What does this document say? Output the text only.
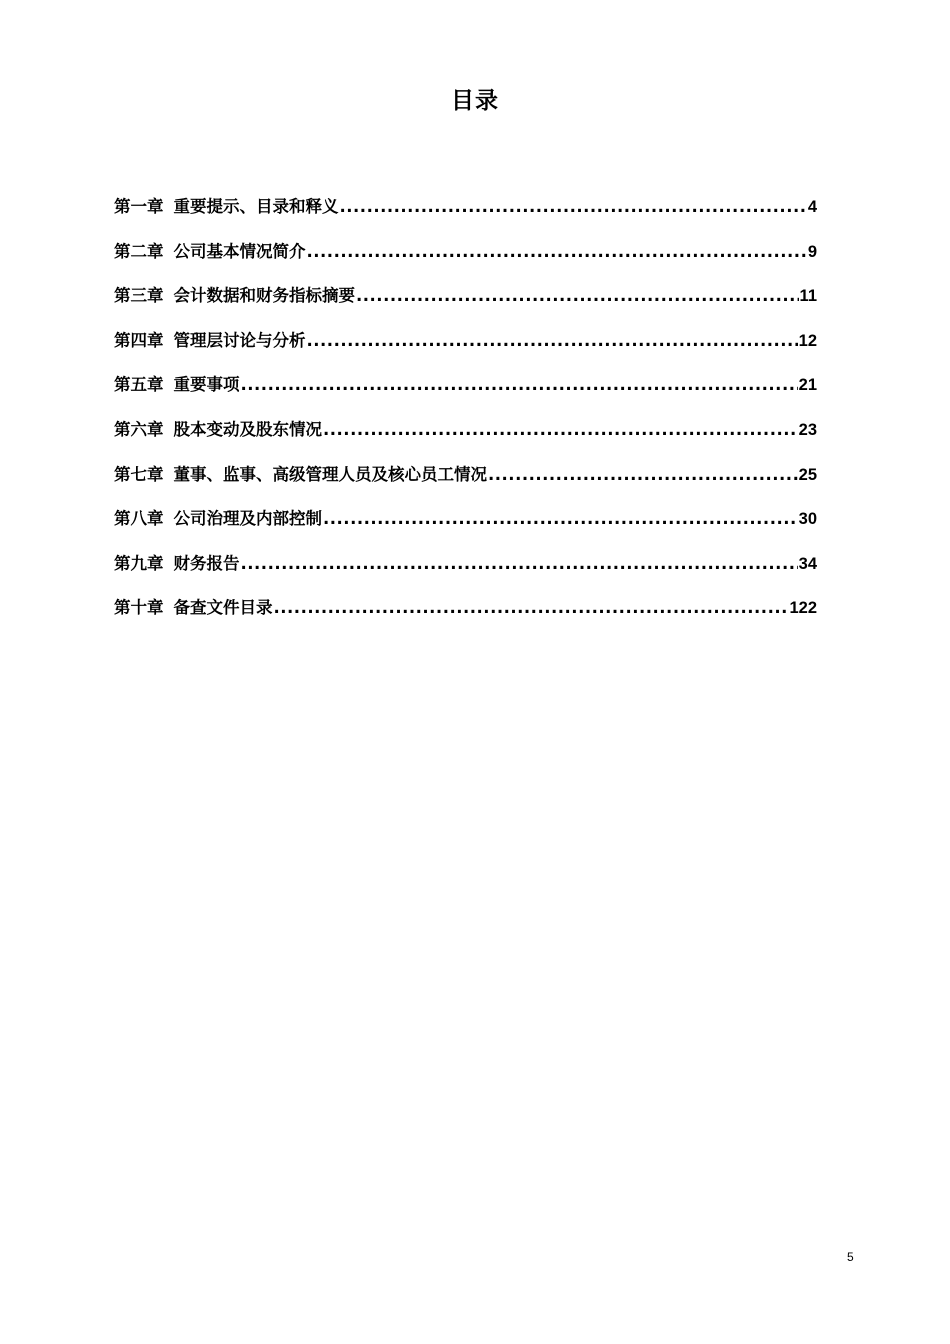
目录
第一章 重要提示、目录和释义 .....	4
第二章 公司基本情况简介 .....	9
第三章 会计数据和财务指标摘要 .....	11
第四章 管理层讨论与分析 .....	12
第五章 重要事项 .....	21
第六章 股本变动及股东情况 .....	23
第七章 董事、监事、高级管理人员及核心员工情况 .....	25
第八章 公司治理及内部控制 .....	30
第九章 财务报告 .....	34
第十章 备查文件目录 .....	122
5
